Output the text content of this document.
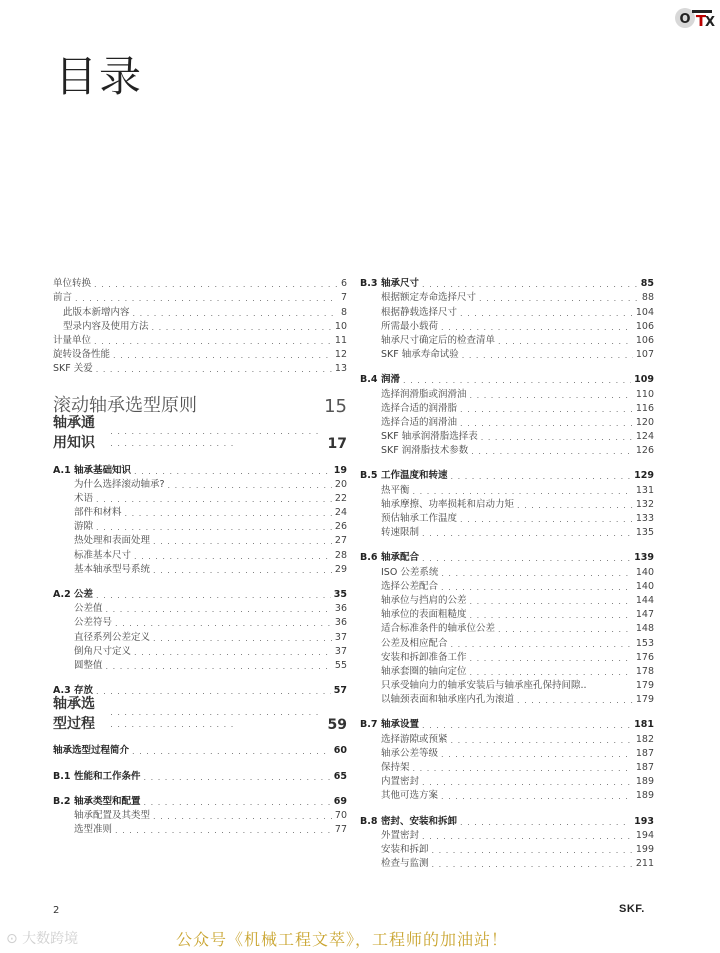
O T
X
目录
单位转换 . . .	6
前言 . . .	7
此版本新增内容 . . .	8
型录内容及使用方法 . . .	10
计量单位 . . .	11
旋转设备性能 . . .	12
SKF 关爱 . . .	13
滚动轴承选型原则	15
轴承通用知识 . . .	17
A.1 轴承基础知识 . . .	19
为什么选择滚动轴承? . . .	20
术语 . . .	22
部件和材料 . . .	24
游隙 . . .	26
热处理和表面处理 . . .	27
标准基本尺寸 . . .	28
基本轴承型号系统 . . .	29
A.2 公差 . . .	35
公差值 . . .	36
公差符号 . . .	36
直径系列公差定义 . . .	37
倒角尺寸定义 . . .	37
圆整值 . . .	55
A.3 存放 . . .	57
轴承选型过程 . . .	59
轴承选型过程简介 . . .	60
B.1 性能和工作条件 . . .	65
B.2 轴承类型和配置 . . .	69
轴承配置及其类型 . . .	70
选型准则 . . .	77
B.3 轴承尺寸 . . .	85
根据额定寿命选择尺寸 . . .	88
根据静载选择尺寸 . . .	104
所需最小载荷 . . .	106
轴承尺寸确定后的检查清单 . . .	106
SKF 轴承寿命试验 . . .	107
B.4 润滑 . . .	109
选择润滑脂或润滑油 . . .	110
选择合适的润滑脂 . . .	116
选择合适的润滑油 . . .	120
SKF 轴承润滑脂选择表 . . .	124
SKF 润滑脂技术参数 . . .	126
B.5 工作温度和转速 . . .	129
热平衡 . . .	131
轴承摩擦、功率损耗和启动力矩 . . .	132
预估轴承工作温度 . . .	133
转速限制 . . .	135
B.6 轴承配合 . . .	139
ISO 公差系统 . . .	140
选择公差配合 . . .	140
轴承位与挡肩的公差 . . .	144
轴承位的表面粗糙度 . . .	147
适合标准条件的轴承位公差 . . .	148
公差及相应配合 . . .	153
安装和拆卸准备工作 . . .	176
轴承套圈的轴向定位 . . .	178
只承受轴向力的轴承安装后与轴承座孔保持间隙..	179
以轴颈表面和轴承座内孔为滚道 . . .	179
B.7 轴承设置 . . .	181
选择游隙或预紧 . . .	182
轴承公差等级 . . .	187
保持架 . . .	187
内置密封 . . .	189
其他可选方案 . . .	189
B.8 密封、安装和拆卸 . . .	193
外置密封 . . .	194
安装和拆卸 . . .	199
检查与监测 . . .	211
2	SKF.
⊙ 大数跨境	公众号《机械工程文萃》，工程师的加油站！
